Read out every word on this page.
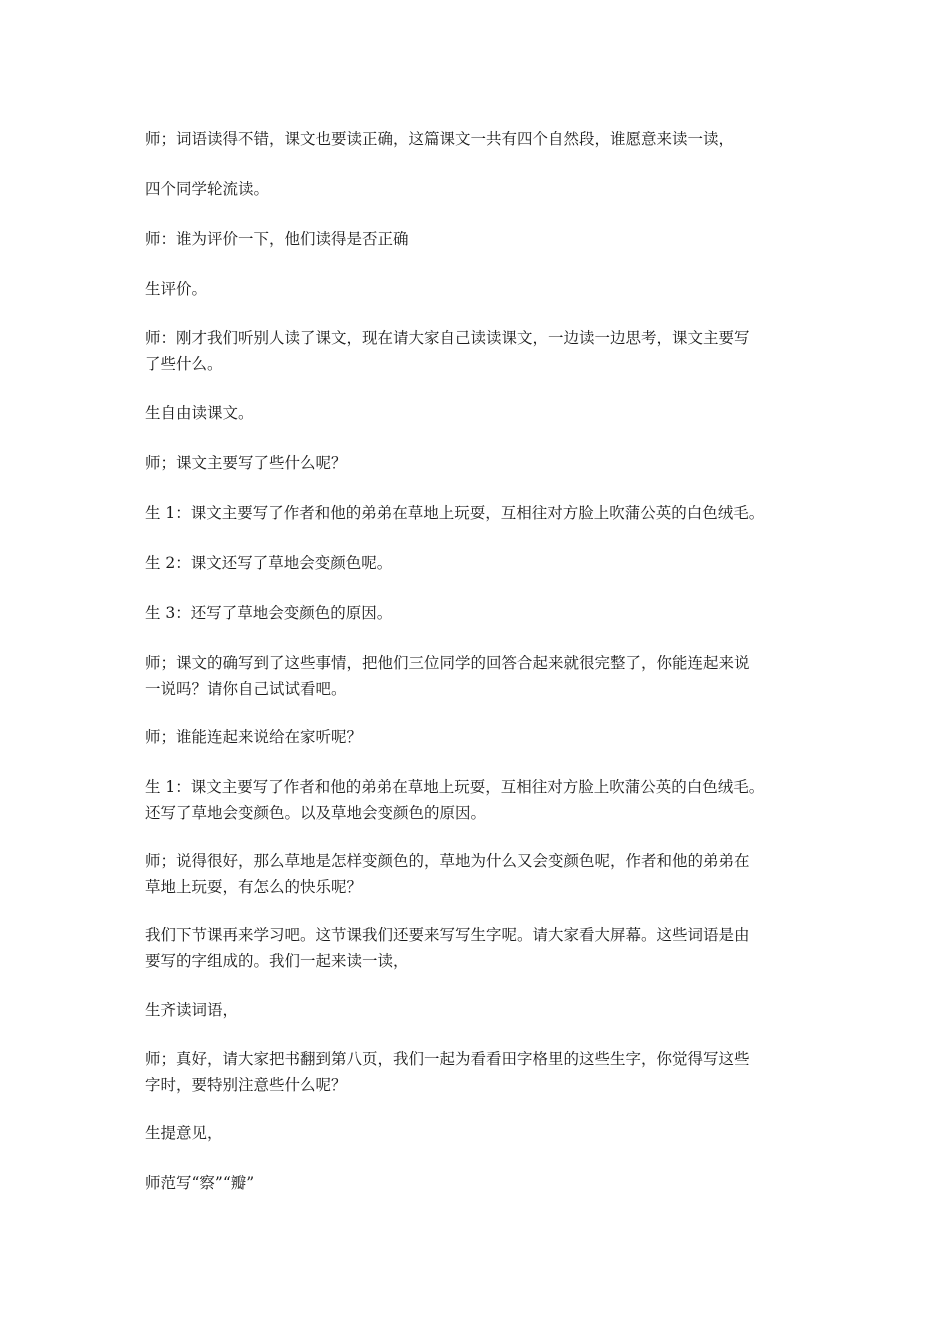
师；词语读得不错，课文也要读正确，这篇课文一共有四个自然段，谁愿意来读一读，

四个同学轮流读。

师：谁为评价一下，他们读得是否正确

生评价。

师：刚才我们听别人读了课文，现在请大家自己读读课文，一边读一边思考，课文主要写
了些什么。

生自由读课文。

师；课文主要写了些什么呢？

生 1：课文主要写了作者和他的弟弟在草地上玩耍，互相往对方脸上吹蒲公英的白色绒毛。

生 2：课文还写了草地会变颜色呢。

生 3：还写了草地会变颜色的原因。

师；课文的确写到了这些事情，把他们三位同学的回答合起来就很完整了，你能连起来说
一说吗？请你自己试试看吧。

师；谁能连起来说给在家听呢？

生 1：课文主要写了作者和他的弟弟在草地上玩耍，互相往对方脸上吹蒲公英的白色绒毛。
还写了草地会变颜色。以及草地会变颜色的原因。

师；说得很好，那么草地是怎样变颜色的，草地为什么又会变颜色呢，作者和他的弟弟在
草地上玩耍，有怎么的快乐呢？

我们下节课再来学习吧。这节课我们还要来写写生字呢。请大家看大屏幕。这些词语是由
要写的字组成的。我们一起来读一读，

生齐读词语，

师；真好，请大家把书翻到第八页，我们一起为看看田字格里的这些生字，你觉得写这些
字时，要特别注意些什么呢？

生提意见，

师范写“察”“瓣”
